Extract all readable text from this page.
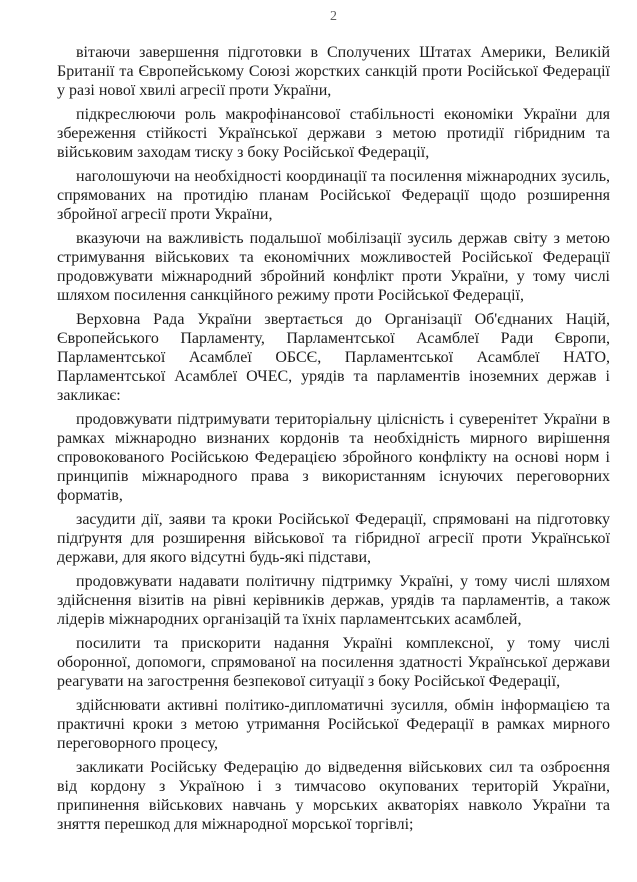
2

вітаючи завершення підготовки в Сполучених Штатах Америки, Великій Британії та Європейському Союзі жорстких санкцій проти Російської Федерації у разі нової хвилі агресії проти України,

підкреслюючи роль макрофінансової стабільності економіки України для збереження стійкості Української держави з метою протидії гібридним та військовим заходам тиску з боку Російської Федерації,

наголошуючи на необхідності координації та посилення міжнародних зусиль, спрямованих на протидію планам Російської Федерації щодо розширення збройної агресії проти України,

вказуючи на важливість подальшої мобілізації зусиль держав світу з метою стримування військових та економічних можливостей Російської Федерації продовжувати міжнародний збройний конфлікт проти України, у тому числі шляхом посилення санкційного режиму проти Російської Федерації,

Верховна Рада України звертається до Організації Об'єднаних Націй, Європейського Парламенту, Парламентської Асамблеї Ради Європи, Парламентської Асамблеї ОБСЄ, Парламентської Асамблеї НАТО, Парламентської Асамблеї ОЧЕС, урядів та парламентів іноземних держав і закликає:

продовжувати підтримувати територіальну цілісність і суверенітет України в рамках міжнародно визнаних кордонів та необхідність мирного вирішення спровокованого Російською Федерацією збройного конфлікту на основі норм і принципів міжнародного права з використанням існуючих переговорних форматів,

засудити дії, заяви та кроки Російської Федерації, спрямовані на підготовку підґрунтя для розширення військової та гібридної агресії проти Української держави, для якого відсутні будь-які підстави,

продовжувати надавати політичну підтримку Україні, у тому числі шляхом здійснення візитів на рівні керівників держав, урядів та парламентів, а також лідерів міжнародних організацій та їхніх парламентських асамблей,

посилити та прискорити надання Україні комплексної, у тому числі оборонної, допомоги, спрямованої на посилення здатності Української держави реагувати на загострення безпекової ситуації з боку Російської Федерації,

здійснювати активні політико-дипломатичні зусилля, обмін інформацією та практичні кроки з метою утримання Російської Федерації в рамках мирного переговорного процесу,

закликати Російську Федерацію до відведення військових сил та озброєння від кордону з Україною і з тимчасово окупованих територій України, припинення військових навчань у морських акваторіях навколо України та зняття перешкод для міжнародної морської торгівлі;
